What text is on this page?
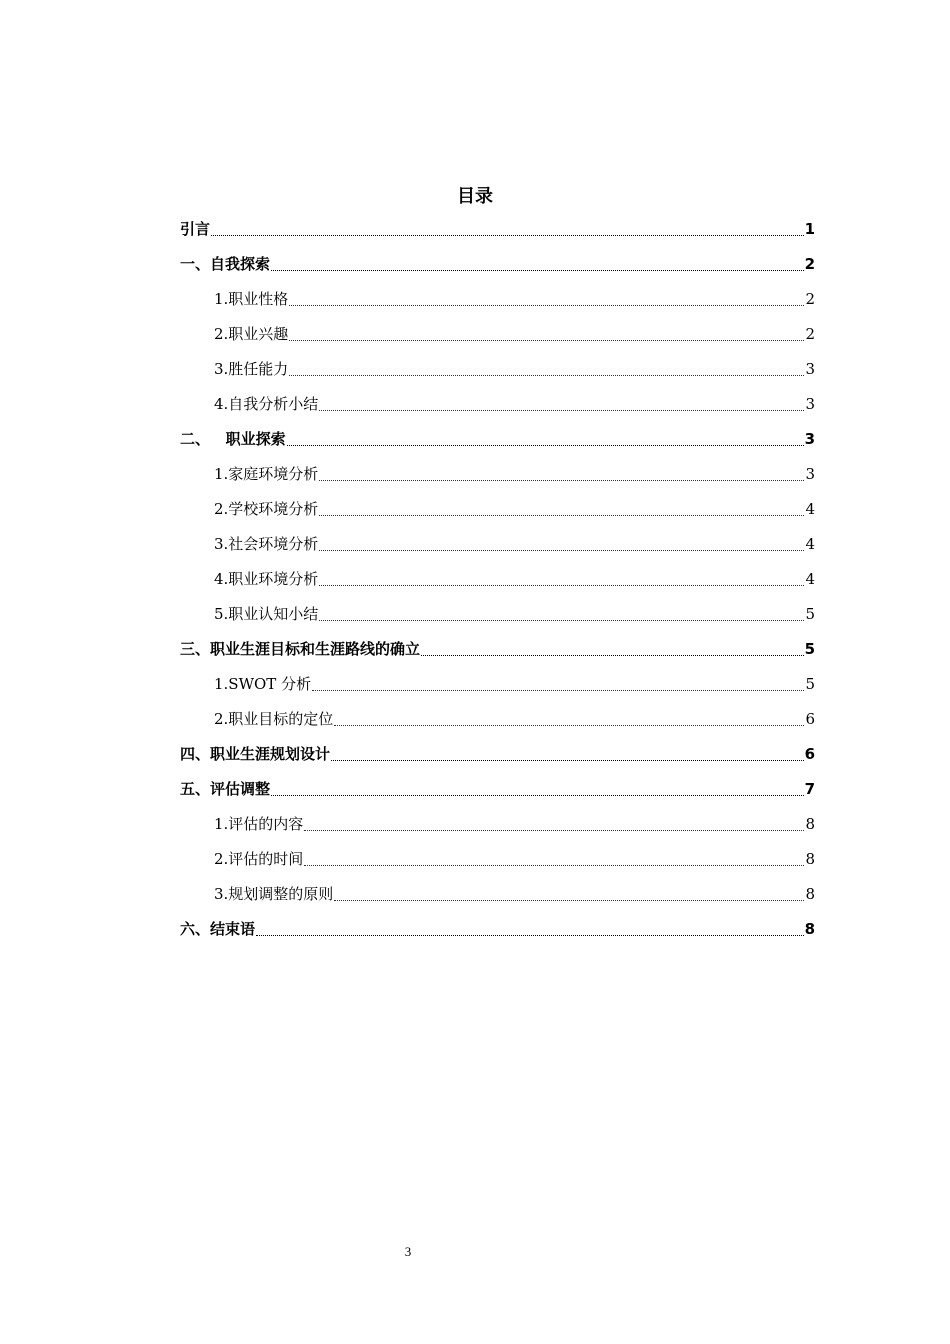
目录
引言	1
一、自我探索	2
1.职业性格	2
2.职业兴趣	2
3.胜任能力	3
4.自我分析小结	3
二、   职业探索	3
1.家庭环境分析	3
2.学校环境分析	4
3.社会环境分析	4
4.职业环境分析	4
5.职业认知小结	5
三、职业生涯目标和生涯路线的确立	5
1.SWOT 分析	5
2.职业目标的定位	6
四、职业生涯规划设计	6
五、评估调整	7
1.评估的内容	8
2.评估的时间	8
3.规划调整的原则	8
六、结束语	8
3
